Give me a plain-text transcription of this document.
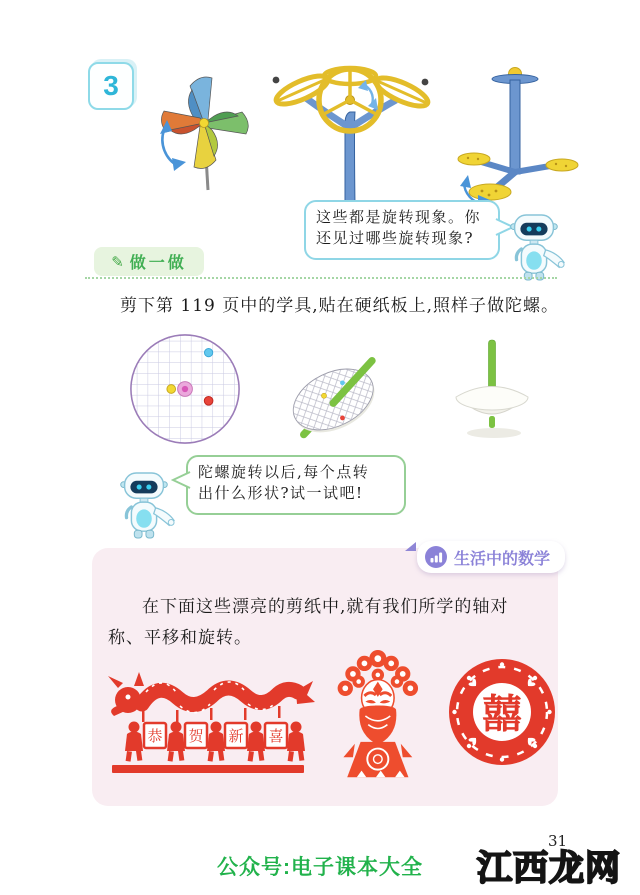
3
这些都是旋转现象。你
还见过哪些旋转现象?
✎ 做一做
剪下第 119 页中的学具,贴在硬纸板上,照样子做陀螺。
陀螺旋转以后,每个点转
出什么形状?试一试吧!
生活中的数学
在下面这些漂亮的剪纸中,就有我们所学的轴对
称、平移和旋转。
恭 贺 新 喜	囍
31
公众号:电子课本大全	江西龙网
